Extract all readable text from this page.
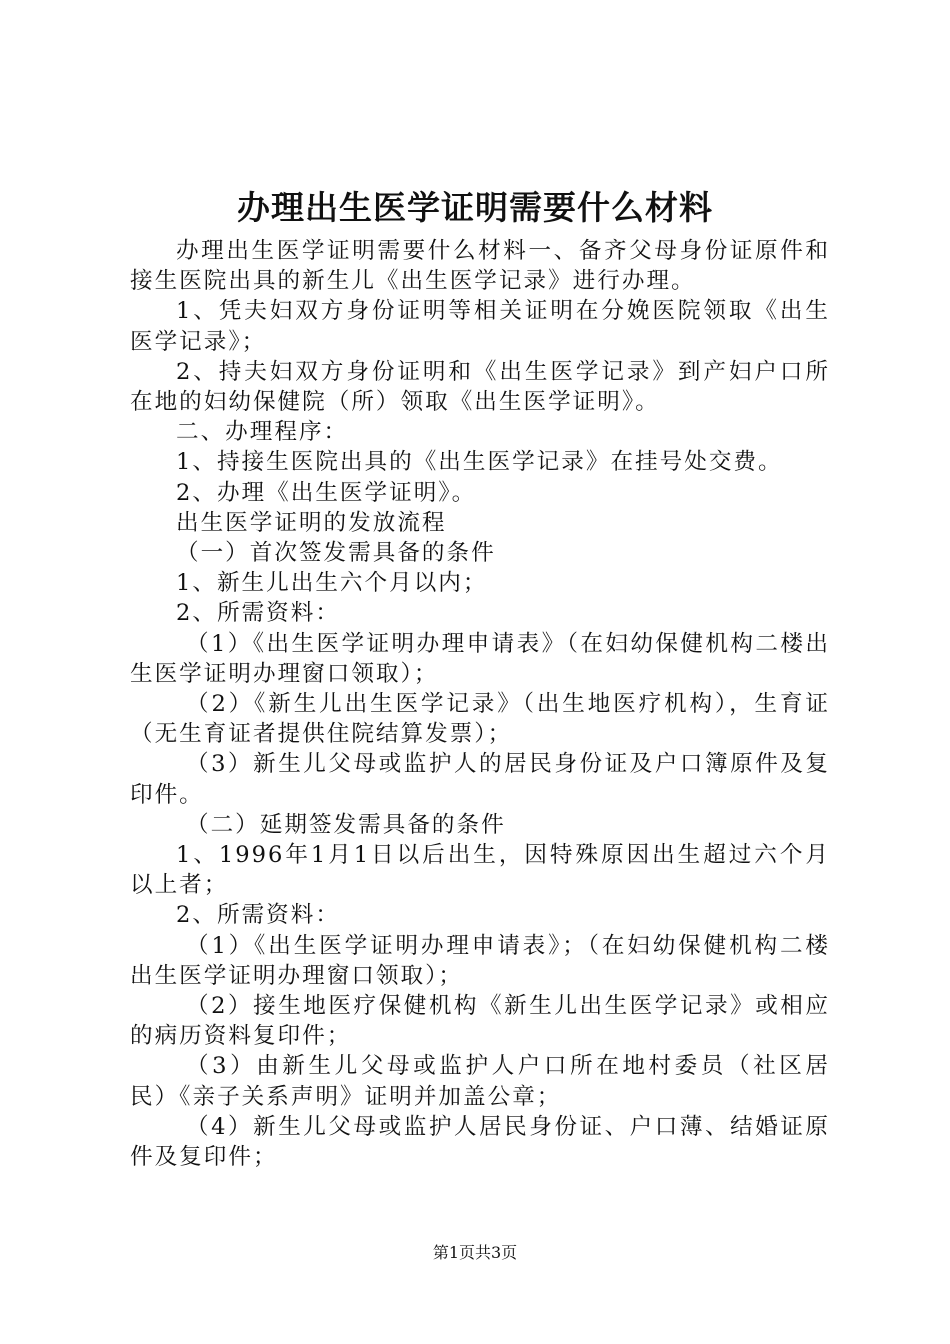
办理出生医学证明需要什么材料

办理出生医学证明需要什么材料一、备齐父母身份证原件和接生医院出具的新生儿《出生医学记录》进行办理。

1、凭夫妇双方身份证明等相关证明在分娩医院领取《出生医学记录》；

2、持夫妇双方身份证明和《出生医学记录》到产妇户口所在地的妇幼保健院（所）领取《出生医学证明》。

二、办理程序：

1、持接生医院出具的《出生医学记录》在挂号处交费。

2、办理《出生医学证明》。

出生医学证明的发放流程

（一）首次签发需具备的条件

1、新生儿出生六个月以内；

2、所需资料：

（1）《出生医学证明办理申请表》（在妇幼保健机构二楼出生医学证明办理窗口领取）；

（2）《新生儿出生医学记录》（出生地医疗机构），生育证（无生育证者提供住院结算发票）；

（3）新生儿父母或监护人的居民身份证及户口簿原件及复印件。

（二）延期签发需具备的条件

1、1996年1月1日以后出生，因特殊原因出生超过六个月以上者；

2、所需资料：

（1）《出生医学证明办理申请表》；（在妇幼保健机构二楼出生医学证明办理窗口领取）；

（2）接生地医疗保健机构《新生儿出生医学记录》或相应的病历资料复印件；

（3）由新生儿父母或监护人户口所在地村委员（社区居民）《亲子关系声明》证明并加盖公章；

（4）新生儿父母或监护人居民身份证、户口薄、结婚证原件及复印件；

第1页共3页
